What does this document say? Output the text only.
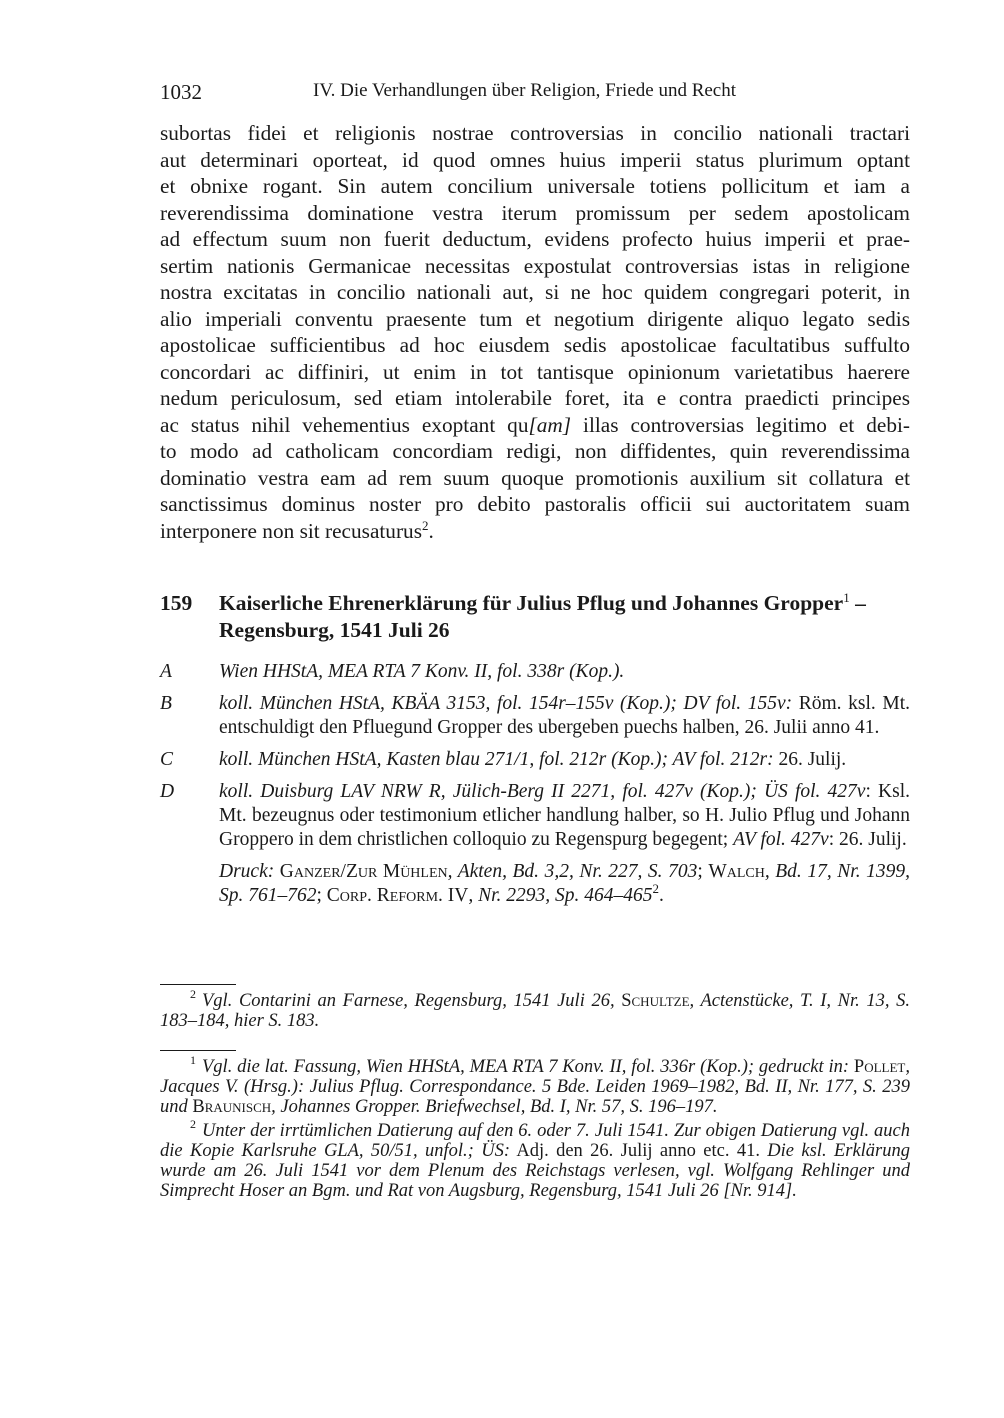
1032	IV. Die Verhandlungen über Religion, Friede und Recht
subortas fidei et religionis nostrae controversias in concilio nationali tractari
aut determinari oporteat, id quod omnes huius imperii status plurimum optant
et obnixe rogant. Sin autem concilium universale totiens pollicitum et iam a
reverendissima dominatione vestra iterum promissum per sedem apostolicam
ad effectum suum non fuerit deductum, evidens profecto huius imperii et prae-
sertim nationis Germanicae necessitas expostulat controversias istas in religione
nostra excitatas in concilio nationali aut, si ne hoc quidem congregari poterit, in
alio imperiali conventu praesente tum et negotium dirigente aliquo legato sedis
apostolicae sufficientibus ad hoc eiusdem sedis apostolicae facultatibus suffulto
concordari ac diffiniri, ut enim in tot tantisque opinionum varietatibus haerere
nedum periculosum, sed etiam intolerabile foret, ita e contra praedicti principes
ac status nihil vehementius exoptant qu[am] illas controversias legitimo et debi-
to modo ad catholicam concordiam redigi, non diffidentes, quin reverendissima
dominatio vestra eam ad rem suum quoque promotionis auxilium sit collatura et
sanctissimus dominus noster pro debito pastoralis officii sui auctoritatem suam
interponere non sit recusaturus$^2$.
159 Kaiserliche Ehrenerklärung für Julius Pflug und Johannes Gropper$^1$ –
Regensburg, 1541 Juli 26
A Wien HHStA, MEA RTA 7 Konv. II, fol. 338r (Kop.).
B koll. München HStA, KBÄA 3153, fol. 154r–155v (Kop.); DV fol. 155v: Röm. ksl. Mt. entschuldigt den Pfluegund Gropper des ubergeben puechs halben, 26. Julii anno 41.
C koll. München HStA, Kasten blau 271/1, fol. 212r (Kop.); AV fol. 212r: 26. Julij.
D koll. Duisburg LAV NRW R, Jülich-Berg II 2271, fol. 427v (Kop.); ÜS fol. 427v: Ksl. Mt. bezeugnus oder testimonium etlicher handlung halber, so H. Julio Pflug und Johann Groppero in dem christlichen colloquio zu Regenspurg begegent; AV fol. 427v: 26. Julij.
Druck: Ganzer/Zur Mühlen, Akten, Bd. 3,2, Nr. 227, S. 703; Walch, Bd. 17, Nr. 1399, Sp. 761–762; Corp. Reform. IV, Nr. 2293, Sp. $464-465^2$.
$^2$ Vgl. Contarini an Farnese, Regensburg, 1541 Juli 26, Schultze, Actenstücke, T. I, Nr. 13, S. 183–184, hier S. 183.
$^1$ Vgl. die lat. Fassung, Wien HHStA, MEA RTA 7 Konv. II, fol. 336r (Kop.); gedruckt in: Pollet, Jacques V. (Hrsg.): Julius Pflug. Correspondance. 5 Bde. Leiden 1969–1982, Bd. II, Nr. 177, S. 239 und Braunisch, Johannes Gropper. Briefwechsel, Bd. I, Nr. 57, S. 196–197.
$^2$ Unter der irrtümlichen Datierung auf den 6. oder 7. Juli 1541. Zur obigen Datierung vgl. auch die Kopie Karlsruhe GLA, 50/51, unfol.; ÜS: Adj. den 26. Julij anno etc. 41. Die ksl. Erklärung wurde am 26. Juli 1541 vor dem Plenum des Reichstags verlesen, vgl. Wolfgang Rehlinger und Simprecht Hoser an Bgm. und Rat von Augsburg, Regensburg, 1541 Juli 26 [Nr. 914].
